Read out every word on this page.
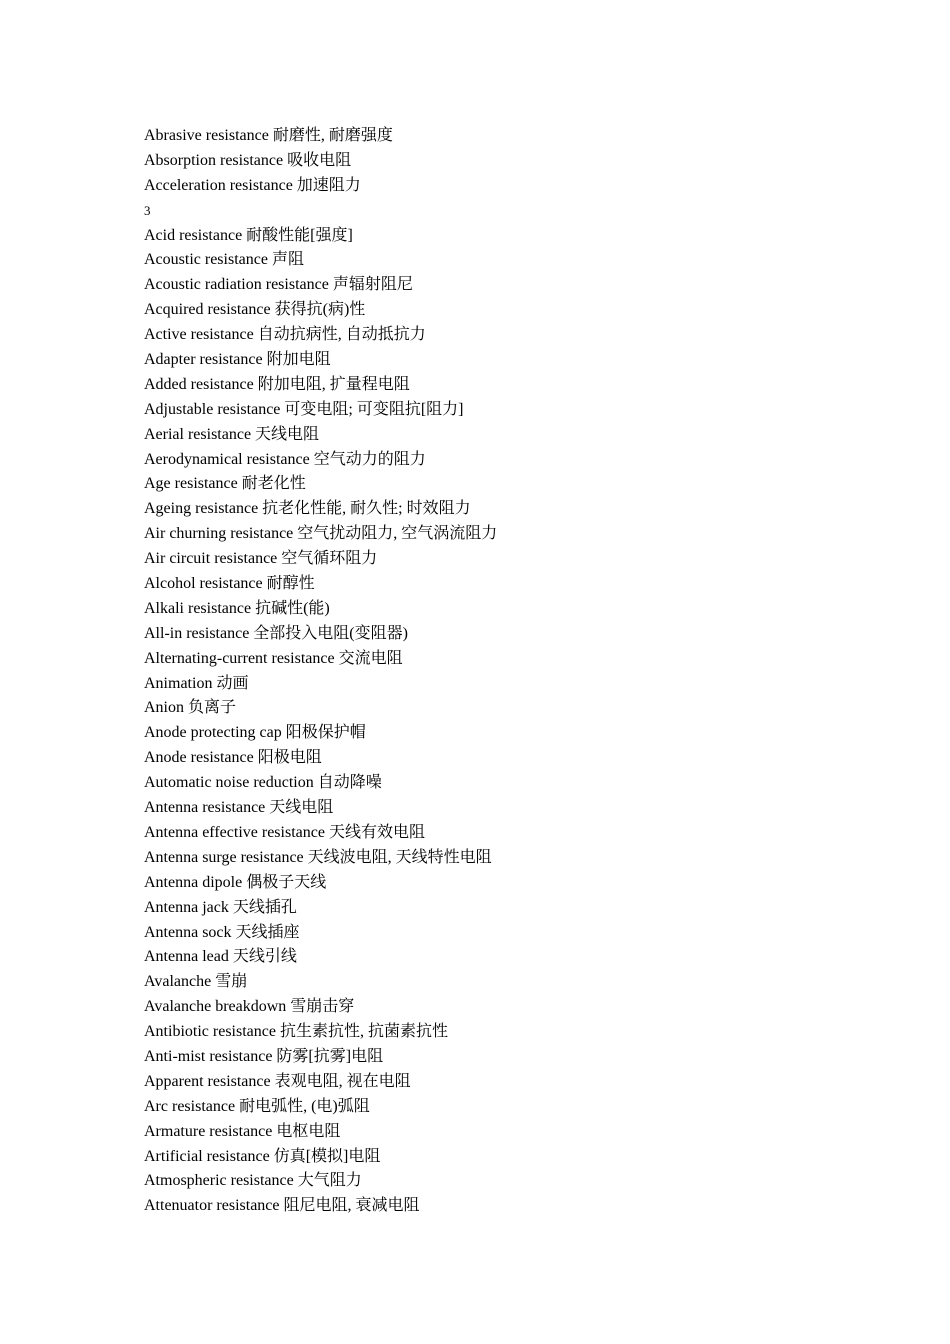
Abrasive resistance 耐磨性, 耐磨强度
Absorption resistance 吸收电阻
Acceleration resistance 加速阻力
3
Acid resistance 耐酸性能[强度]
Acoustic resistance 声阻
Acoustic radiation resistance 声辐射阻尼
Acquired resistance 获得抗(病)性
Active resistance 自动抗病性, 自动抵抗力
Adapter resistance 附加电阻
Added resistance 附加电阻, 扩量程电阻
Adjustable resistance 可变电阻; 可变阻抗[阻力]
Aerial resistance 天线电阻
Aerodynamical resistance 空气动力的阻力
Age resistance 耐老化性
Ageing resistance 抗老化性能, 耐久性; 时效阻力
Air churning resistance 空气扰动阻力, 空气涡流阻力
Air circuit resistance 空气循环阻力
Alcohol resistance 耐醇性
Alkali resistance 抗碱性(能)
All-in resistance 全部投入电阻(变阻器)
Alternating-current resistance 交流电阻
Animation 动画
Anion 负离子
Anode protecting cap 阳极保护帽
Anode resistance 阳极电阻
Automatic noise reduction 自动降噪
Antenna resistance 天线电阻
Antenna effective resistance 天线有效电阻
Antenna surge resistance 天线波电阻, 天线特性电阻
Antenna dipole 偶极子天线
Antenna jack 天线插孔
Antenna sock 天线插座
Antenna lead 天线引线
Avalanche 雪崩
Avalanche breakdown 雪崩击穿
Antibiotic resistance 抗生素抗性, 抗菌素抗性
Anti-mist resistance 防雾[抗雾]电阻
Apparent resistance 表观电阻, 视在电阻
Arc resistance 耐电弧性, (电)弧阻
Armature resistance 电枢电阻
Artificial resistance 仿真[模拟]电阻
Atmospheric resistance 大气阻力
Attenuator resistance 阻尼电阻, 衰减电阻
